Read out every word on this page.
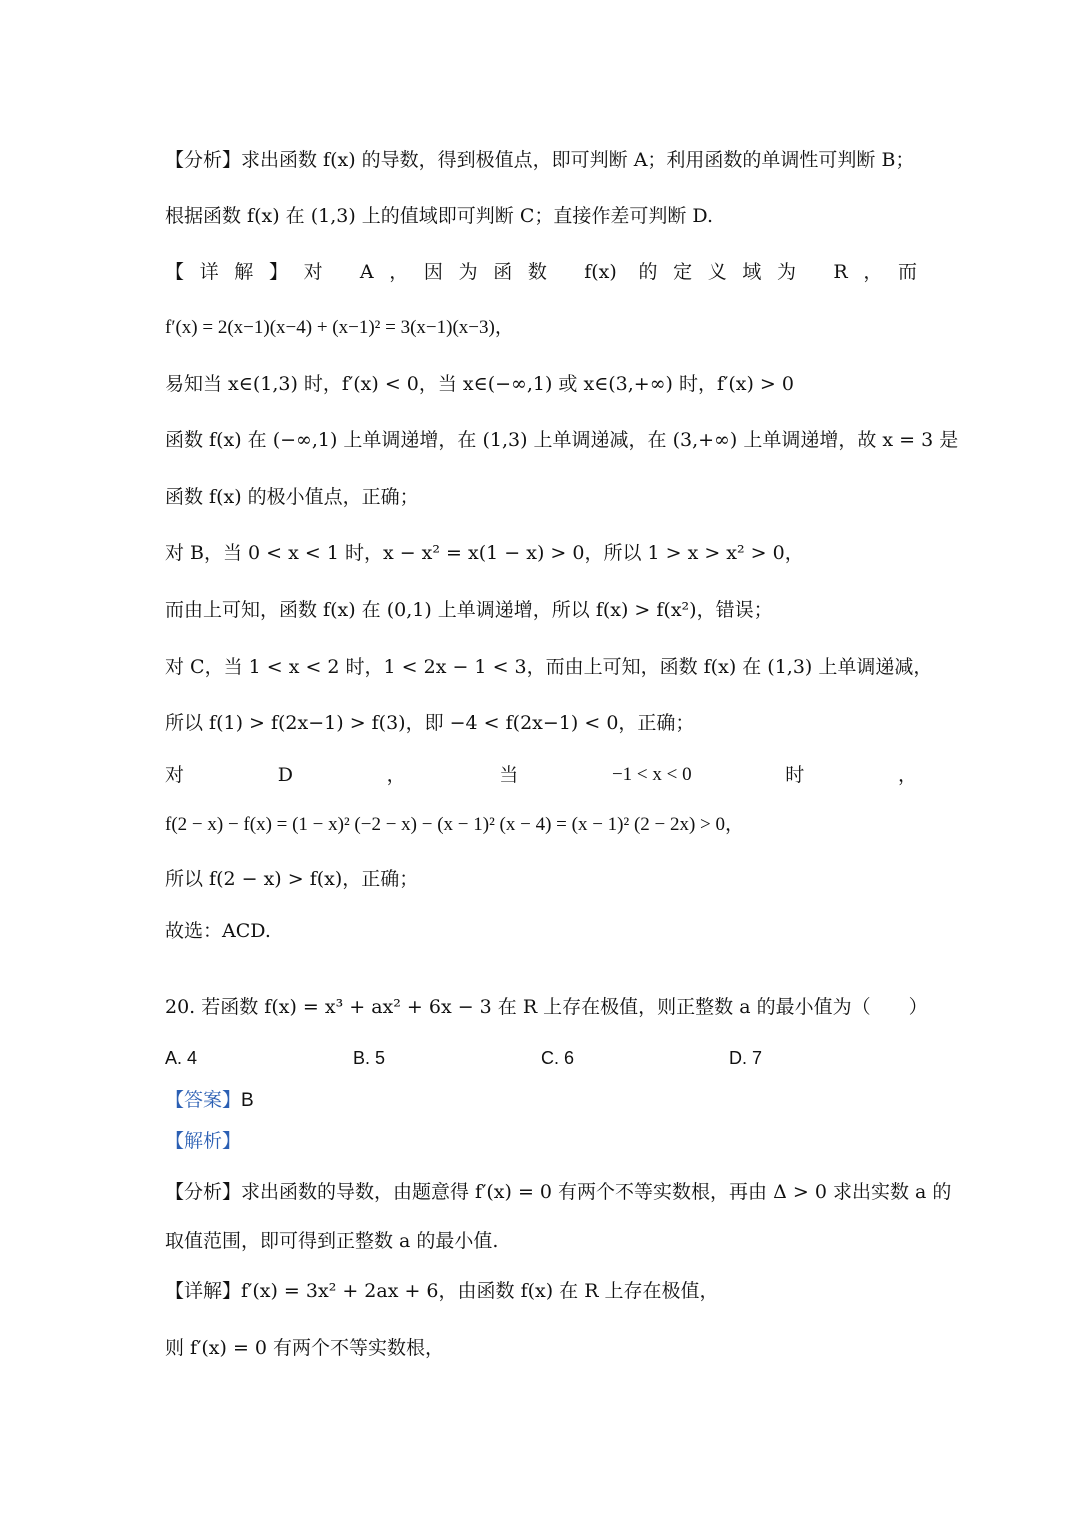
【分析】求出函数 f(x) 的导数，得到极值点，即可判断 A；利用函数的单调性可判断 B；
根据函数 f(x) 在 (1,3) 上的值域即可判断 C；直接作差可判断 D.
【详解】对 A，因为函数 f(x) 的定义域为 R，而
f′(x) = 2(x−1)(x−4) + (x−1)² = 3(x−1)(x−3)，
易知当 x∈(1,3) 时，f′(x) < 0，当 x∈(−∞,1) 或 x∈(3,+∞) 时，f′(x) > 0
函数 f(x) 在 (−∞,1) 上单调递增，在 (1,3) 上单调递减，在 (3,+∞) 上单调递增，故 x = 3 是
函数 f(x) 的极小值点，正确；
对 B，当 0 < x < 1 时，x − x² = x(1 − x) > 0，所以 1 > x > x² > 0，
而由上可知，函数 f(x) 在 (0,1) 上单调递增，所以 f(x) > f(x²)，错误；
对 C，当 1 < x < 2 时，1 < 2x − 1 < 3，而由上可知，函数 f(x) 在 (1,3) 上单调递减，
所以 f(1) > f(2x−1) > f(3)，即 −4 < f(2x−1) < 0，正确；
对	D	，	当	−1 < x < 0	时	，
f(2 − x) − f(x) = (1 − x)² (−2 − x) − (x − 1)² (x − 4) = (x − 1)² (2 − 2x) > 0，
所以 f(2 − x) > f(x)，正确；
故选：ACD.
20. 若函数 f(x) = x³ + ax² + 6x − 3 在 R 上存在极值，则正整数 a 的最小值为（　　）
A. 4	B. 5	C. 6	D. 7
【答案】B
【解析】
【分析】求出函数的导数，由题意得 f′(x) = 0 有两个不等实数根，再由 Δ > 0 求出实数 a 的
取值范围，即可得到正整数 a 的最小值.
【详解】f′(x) = 3x² + 2ax + 6，由函数 f(x) 在 R 上存在极值，
则 f′(x) = 0 有两个不等实数根，
